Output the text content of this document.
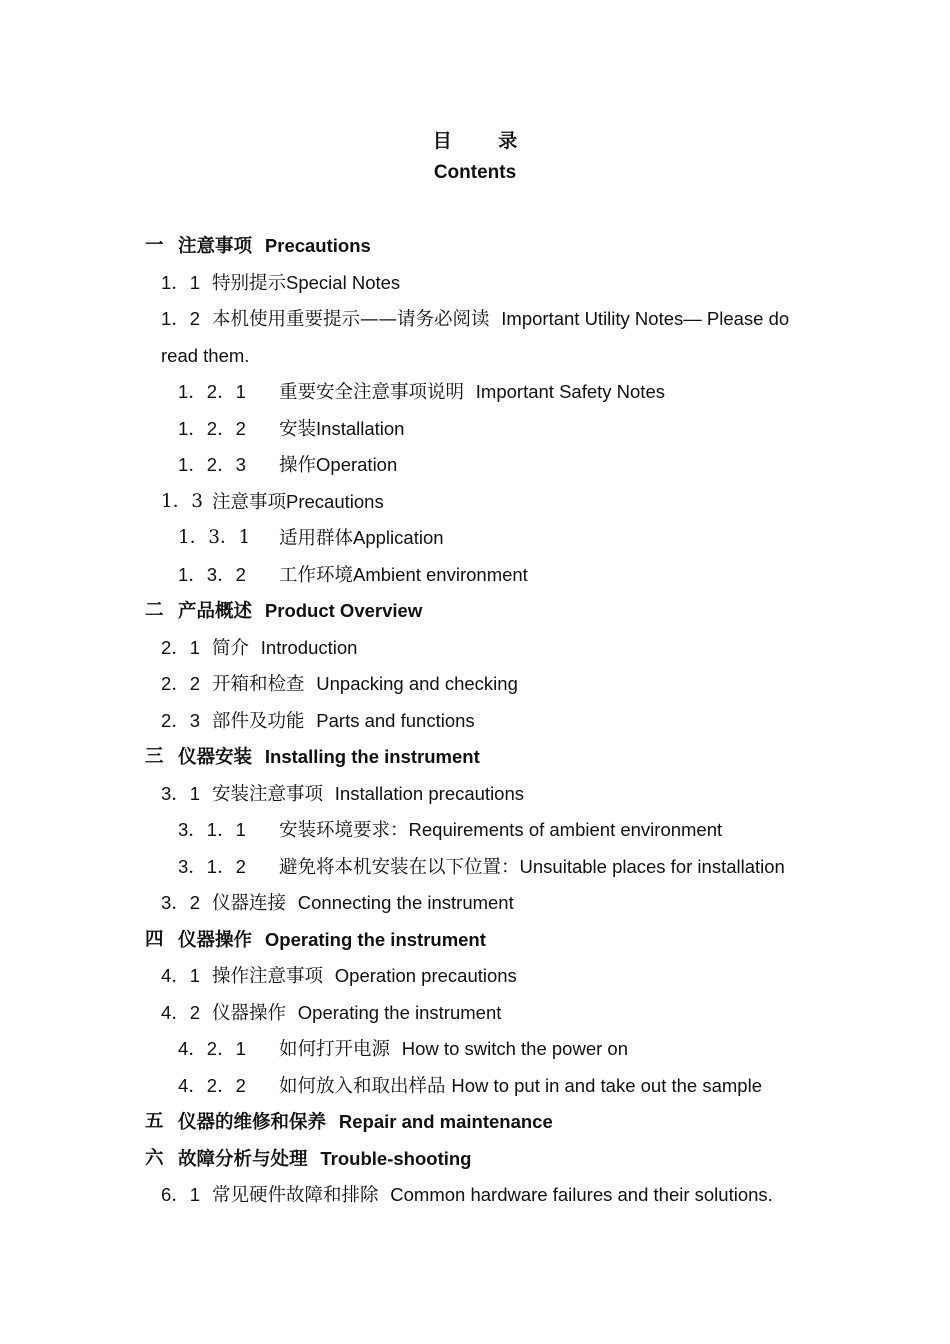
目 录
Contents
一 注意事项 Precautions
1．1 特别提示Special Notes
1．2 本机使用重要提示——请务必阅读 Important Utility Notes— Please do
read them.
1．2．1 重要安全注意事项说明 Important Safety Notes
1．2．2 安装Installation
1．2．3 操作Operation
1．3 注意事项Precautions
1．3．1 适用群体Application
1．3．2 工作环境Ambient environment
二 产品概述 Product Overview
2．1 简介 Introduction
2．2 开箱和检查 Unpacking and checking
2．3 部件及功能 Parts and functions
三 仪器安装 Installing the instrument
3．1 安装注意事项 Installation precautions
3．1．1 安装环境要求：Requirements of ambient environment
3．1．2 避免将本机安装在以下位置：Unsuitable places for installation
3．2 仪器连接 Connecting the instrument
四 仪器操作 Operating the instrument
4．1 操作注意事项 Operation precautions
4．2 仪器操作 Operating the instrument
4．2．1 如何打开电源 How to switch the power on
4．2．2 如何放入和取出样品 How to put in and take out the sample
五 仪器的维修和保养 Repair and maintenance
六 故障分析与处理 Trouble-shooting
6．1 常见硬件故障和排除 Common hardware failures and their solutions.
